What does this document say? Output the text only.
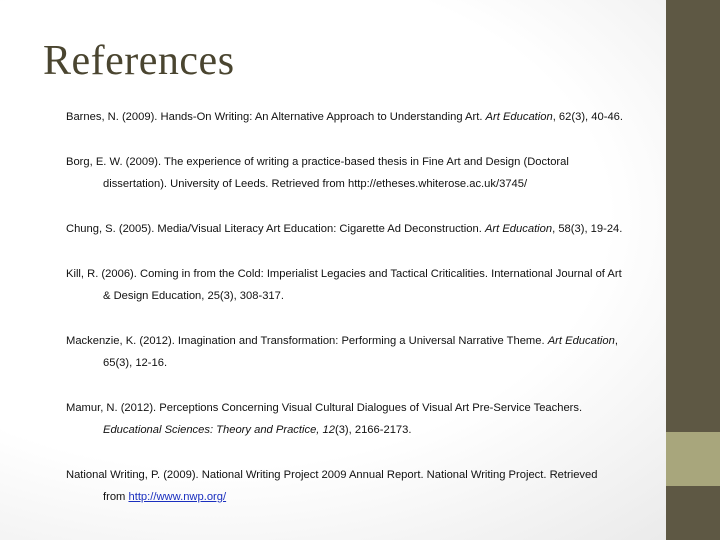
References

Barnes, N. (2009). Hands-On Writing: An Alternative Approach to Understanding Art. Art Education, 62(3), 40-46.

Borg, E. W. (2009). The experience of writing a practice-based thesis in Fine Art and Design (Doctoral
dissertation). University of Leeds. Retrieved from http://etheses.whiterose.ac.uk/3745/

Chung, S. (2005). Media/Visual Literacy Art Education: Cigarette Ad Deconstruction. Art Education, 58(3), 19-24.

Kill, R. (2006). Coming in from the Cold: Imperialist Legacies and Tactical Criticalities. International Journal of Art
& Design Education, 25(3), 308-317.

Mackenzie, K. (2012). Imagination and Transformation: Performing a Universal Narrative Theme. Art Education,
65(3), 12-16.

Mamur, N. (2012). Perceptions Concerning Visual Cultural Dialogues of Visual Art Pre-Service Teachers.
Educational Sciences: Theory and Practice, 12(3), 2166-2173.

National Writing, P. (2009). National Writing Project 2009 Annual Report. National Writing Project. Retrieved
from http://www.nwp.org/
